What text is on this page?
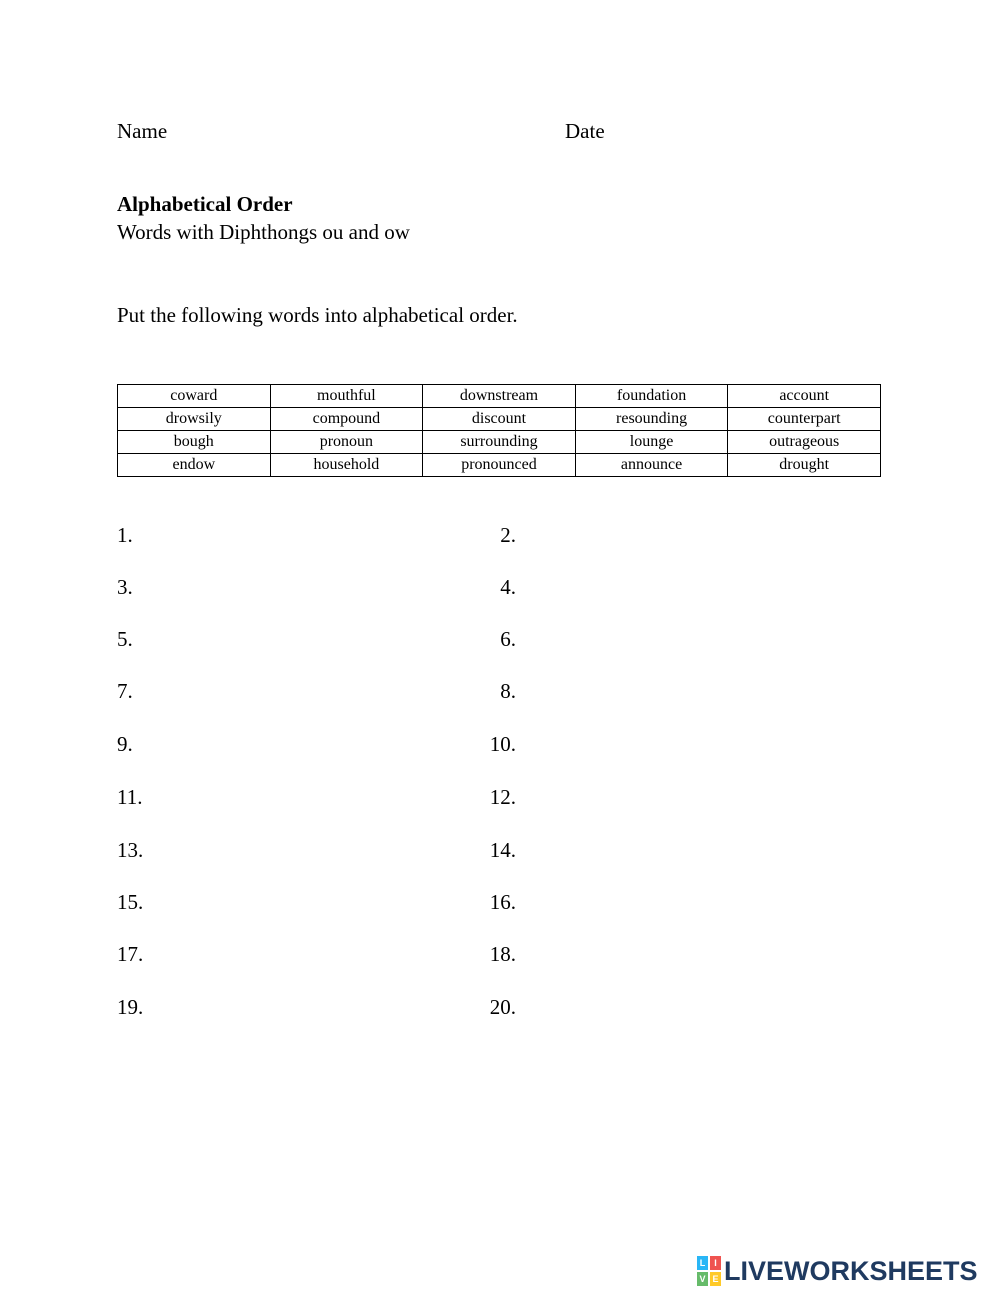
Name	Date
Alphabetical Order
Words with Diphthongs ou and ow
Put the following words into alphabetical order.
coward	mouthful	downstream	foundation	account
drowsily	compound	discount	resounding	counterpart
bough	pronoun	surrounding	lounge	outrageous
endow	household	pronounced	announce	drought
1.	2.
3.	4.
5.	6.
7.	8.
9.	10.
11.	12.
13.	14.
15.	16.
17.	18.
19.	20.
L I
V E LIVEWORKSHEETS
